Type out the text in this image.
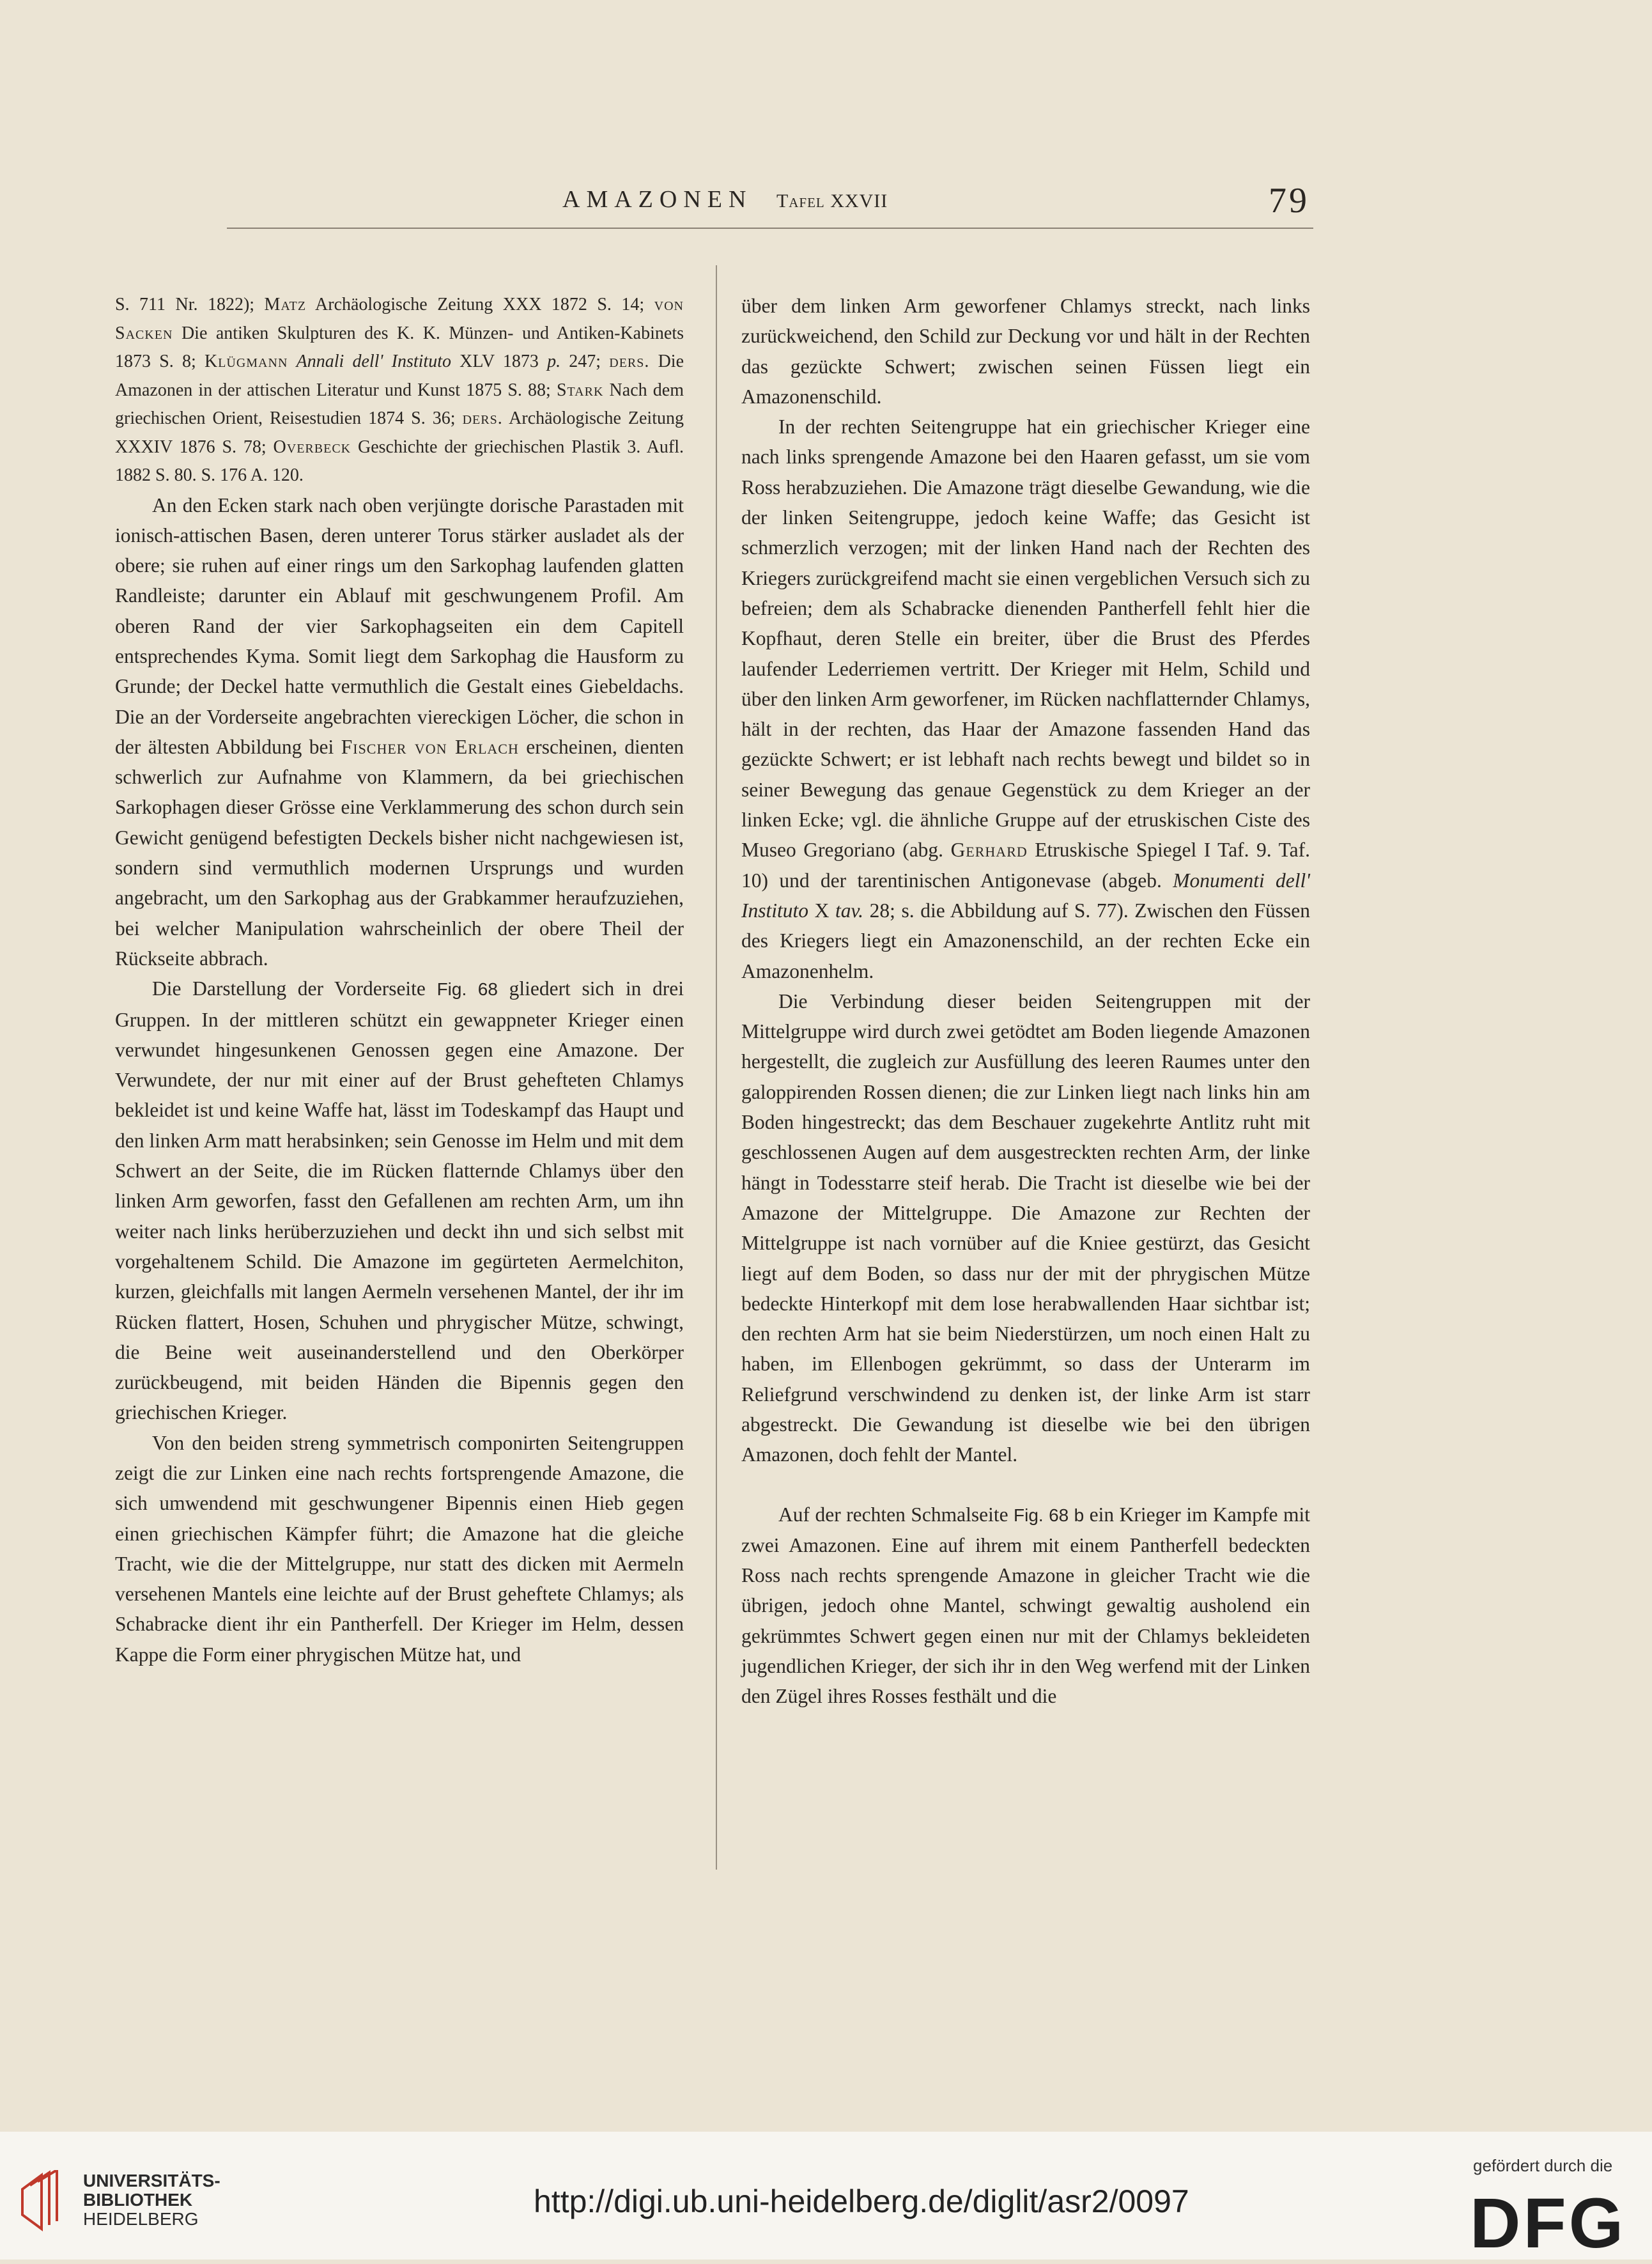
AMAZONEN Tafel XXVII	79

S. 711 Nr. 1822); Matz Archäologische Zeitung XXX 1872 S. 14; von Sacken Die antiken Skulpturen des K. K. Münzen- und Antiken-Kabinets 1873 S. 8; Klügmann Annali dell' Instituto XLV 1873 p. 247; ders. Die Amazonen in der attischen Literatur und Kunst 1875 S. 88; Stark Nach dem griechischen Orient, Reisestudien 1874 S. 36; ders. Archäologische Zeitung XXXIV 1876 S. 78; Overbeck Geschichte der griechischen Plastik 3. Aufl. 1882 S. 80. S. 176 A. 120.

An den Ecken stark nach oben verjüngte dorische Parastaden mit ionisch-attischen Basen, deren unterer Torus stärker ausladet als der obere; sie ruhen auf einer rings um den Sarkophag laufenden glatten Randleiste; darunter ein Ablauf mit geschwungenem Profil. Am oberen Rand der vier Sarkophagseiten ein dem Capitell entsprechendes Kyma. Somit liegt dem Sarkophag die Hausform zu Grunde; der Deckel hatte vermuthlich die Gestalt eines Giebeldachs. Die an der Vorderseite angebrachten viereckigen Löcher, die schon in der ältesten Abbildung bei Fischer von Erlach erscheinen, dienten schwerlich zur Aufnahme von Klammern, da bei griechischen Sarkophagen dieser Grösse eine Verklammerung des schon durch sein Gewicht genügend befestigten Deckels bisher nicht nachgewiesen ist, sondern sind vermuthlich modernen Ursprungs und wurden angebracht, um den Sarkophag aus der Grabkammer heraufzuziehen, bei welcher Manipulation wahrscheinlich der obere Theil der Rückseite abbrach.

Die Darstellung der Vorderseite Fig. 68 gliedert sich in drei Gruppen. In der mittleren schützt ein gewappneter Krieger einen verwundet hingesunkenen Genossen gegen eine Amazone. Der Verwundete, der nur mit einer auf der Brust gehefteten Chlamys bekleidet ist und keine Waffe hat, lässt im Todeskampf das Haupt und den linken Arm matt herabsinken; sein Genosse im Helm und mit dem Schwert an der Seite, die im Rücken flatternde Chlamys über den linken Arm geworfen, fasst den Gefallenen am rechten Arm, um ihn weiter nach links herüberzuziehen und deckt ihn und sich selbst mit vorgehaltenem Schild. Die Amazone im gegürteten Aermelchiton, kurzen, gleichfalls mit langen Aermeln versehenen Mantel, der ihr im Rücken flattert, Hosen, Schuhen und phrygischer Mütze, schwingt, die Beine weit auseinanderstellend und den Oberkörper zurückbeugend, mit beiden Händen die Bipennis gegen den griechischen Krieger.

Von den beiden streng symmetrisch componirten Seitengruppen zeigt die zur Linken eine nach rechts fortsprengende Amazone, die sich umwendend mit geschwungener Bipennis einen Hieb gegen einen griechischen Kämpfer führt; die Amazone hat die gleiche Tracht, wie die der Mittelgruppe, nur statt des dicken mit Aermeln versehenen Mantels eine leichte auf der Brust geheftete Chlamys; als Schabracke dient ihr ein Pantherfell. Der Krieger im Helm, dessen Kappe die Form einer phrygischen Mütze hat, und

über dem linken Arm geworfener Chlamys streckt, nach links zurückweichend, den Schild zur Deckung vor und hält in der Rechten das gezückte Schwert; zwischen seinen Füssen liegt ein Amazonenschild.

In der rechten Seitengruppe hat ein griechischer Krieger eine nach links sprengende Amazone bei den Haaren gefasst, um sie vom Ross herabzuziehen. Die Amazone trägt dieselbe Gewandung, wie die der linken Seitengruppe, jedoch keine Waffe; das Gesicht ist schmerzlich verzogen; mit der linken Hand nach der Rechten des Kriegers zurückgreifend macht sie einen vergeblichen Versuch sich zu befreien; dem als Schabracke dienenden Pantherfell fehlt hier die Kopfhaut, deren Stelle ein breiter, über die Brust des Pferdes laufender Lederriemen vertritt. Der Krieger mit Helm, Schild und über den linken Arm geworfener, im Rücken nachflatternder Chlamys, hält in der rechten, das Haar der Amazone fassenden Hand das gezückte Schwert; er ist lebhaft nach rechts bewegt und bildet so in seiner Bewegung das genaue Gegenstück zu dem Krieger an der linken Ecke; vgl. die ähnliche Gruppe auf der etruskischen Ciste des Museo Gregoriano (abg. Gerhard Etruskische Spiegel I Taf. 9. Taf. 10) und der tarentinischen Antigonevase (abgeb. Monumenti dell' Instituto X tav. 28; s. die Abbildung auf S. 77). Zwischen den Füssen des Kriegers liegt ein Amazonenschild, an der rechten Ecke ein Amazonenhelm.

Die Verbindung dieser beiden Seitengruppen mit der Mittelgruppe wird durch zwei getödtet am Boden liegende Amazonen hergestellt, die zugleich zur Ausfüllung des leeren Raumes unter den galoppirenden Rossen dienen; die zur Linken liegt nach links hin am Boden hingestreckt; das dem Beschauer zugekehrte Antlitz ruht mit geschlossenen Augen auf dem ausgestreckten rechten Arm, der linke hängt in Todesstarre steif herab. Die Tracht ist dieselbe wie bei der Amazone der Mittelgruppe. Die Amazone zur Rechten der Mittelgruppe ist nach vornüber auf die Kniee gestürzt, das Gesicht liegt auf dem Boden, so dass nur der mit der phrygischen Mütze bedeckte Hinterkopf mit dem lose herabwallenden Haar sichtbar ist; den rechten Arm hat sie beim Niederstürzen, um noch einen Halt zu haben, im Ellenbogen gekrümmt, so dass der Unterarm im Reliefgrund verschwindend zu denken ist, der linke Arm ist starr abgestreckt. Die Gewandung ist dieselbe wie bei den übrigen Amazonen, doch fehlt der Mantel.

Auf der rechten Schmalseite Fig. 68 b ein Krieger im Kampfe mit zwei Amazonen. Eine auf ihrem mit einem Pantherfell bedeckten Ross nach rechts sprengende Amazone in gleicher Tracht wie die übrigen, jedoch ohne Mantel, schwingt gewaltig ausholend ein gekrümmtes Schwert gegen einen nur mit der Chlamys bekleideten jugendlichen Krieger, der sich ihr in den Weg werfend mit der Linken den Zügel ihres Rosses festhält und die

UNIVERSITÄTS-
BIBLIOTHEK
HEIDELBERG	http://digi.ub.uni-heidelberg.de/diglit/asr2/0097
gefördert durch die
DFG
